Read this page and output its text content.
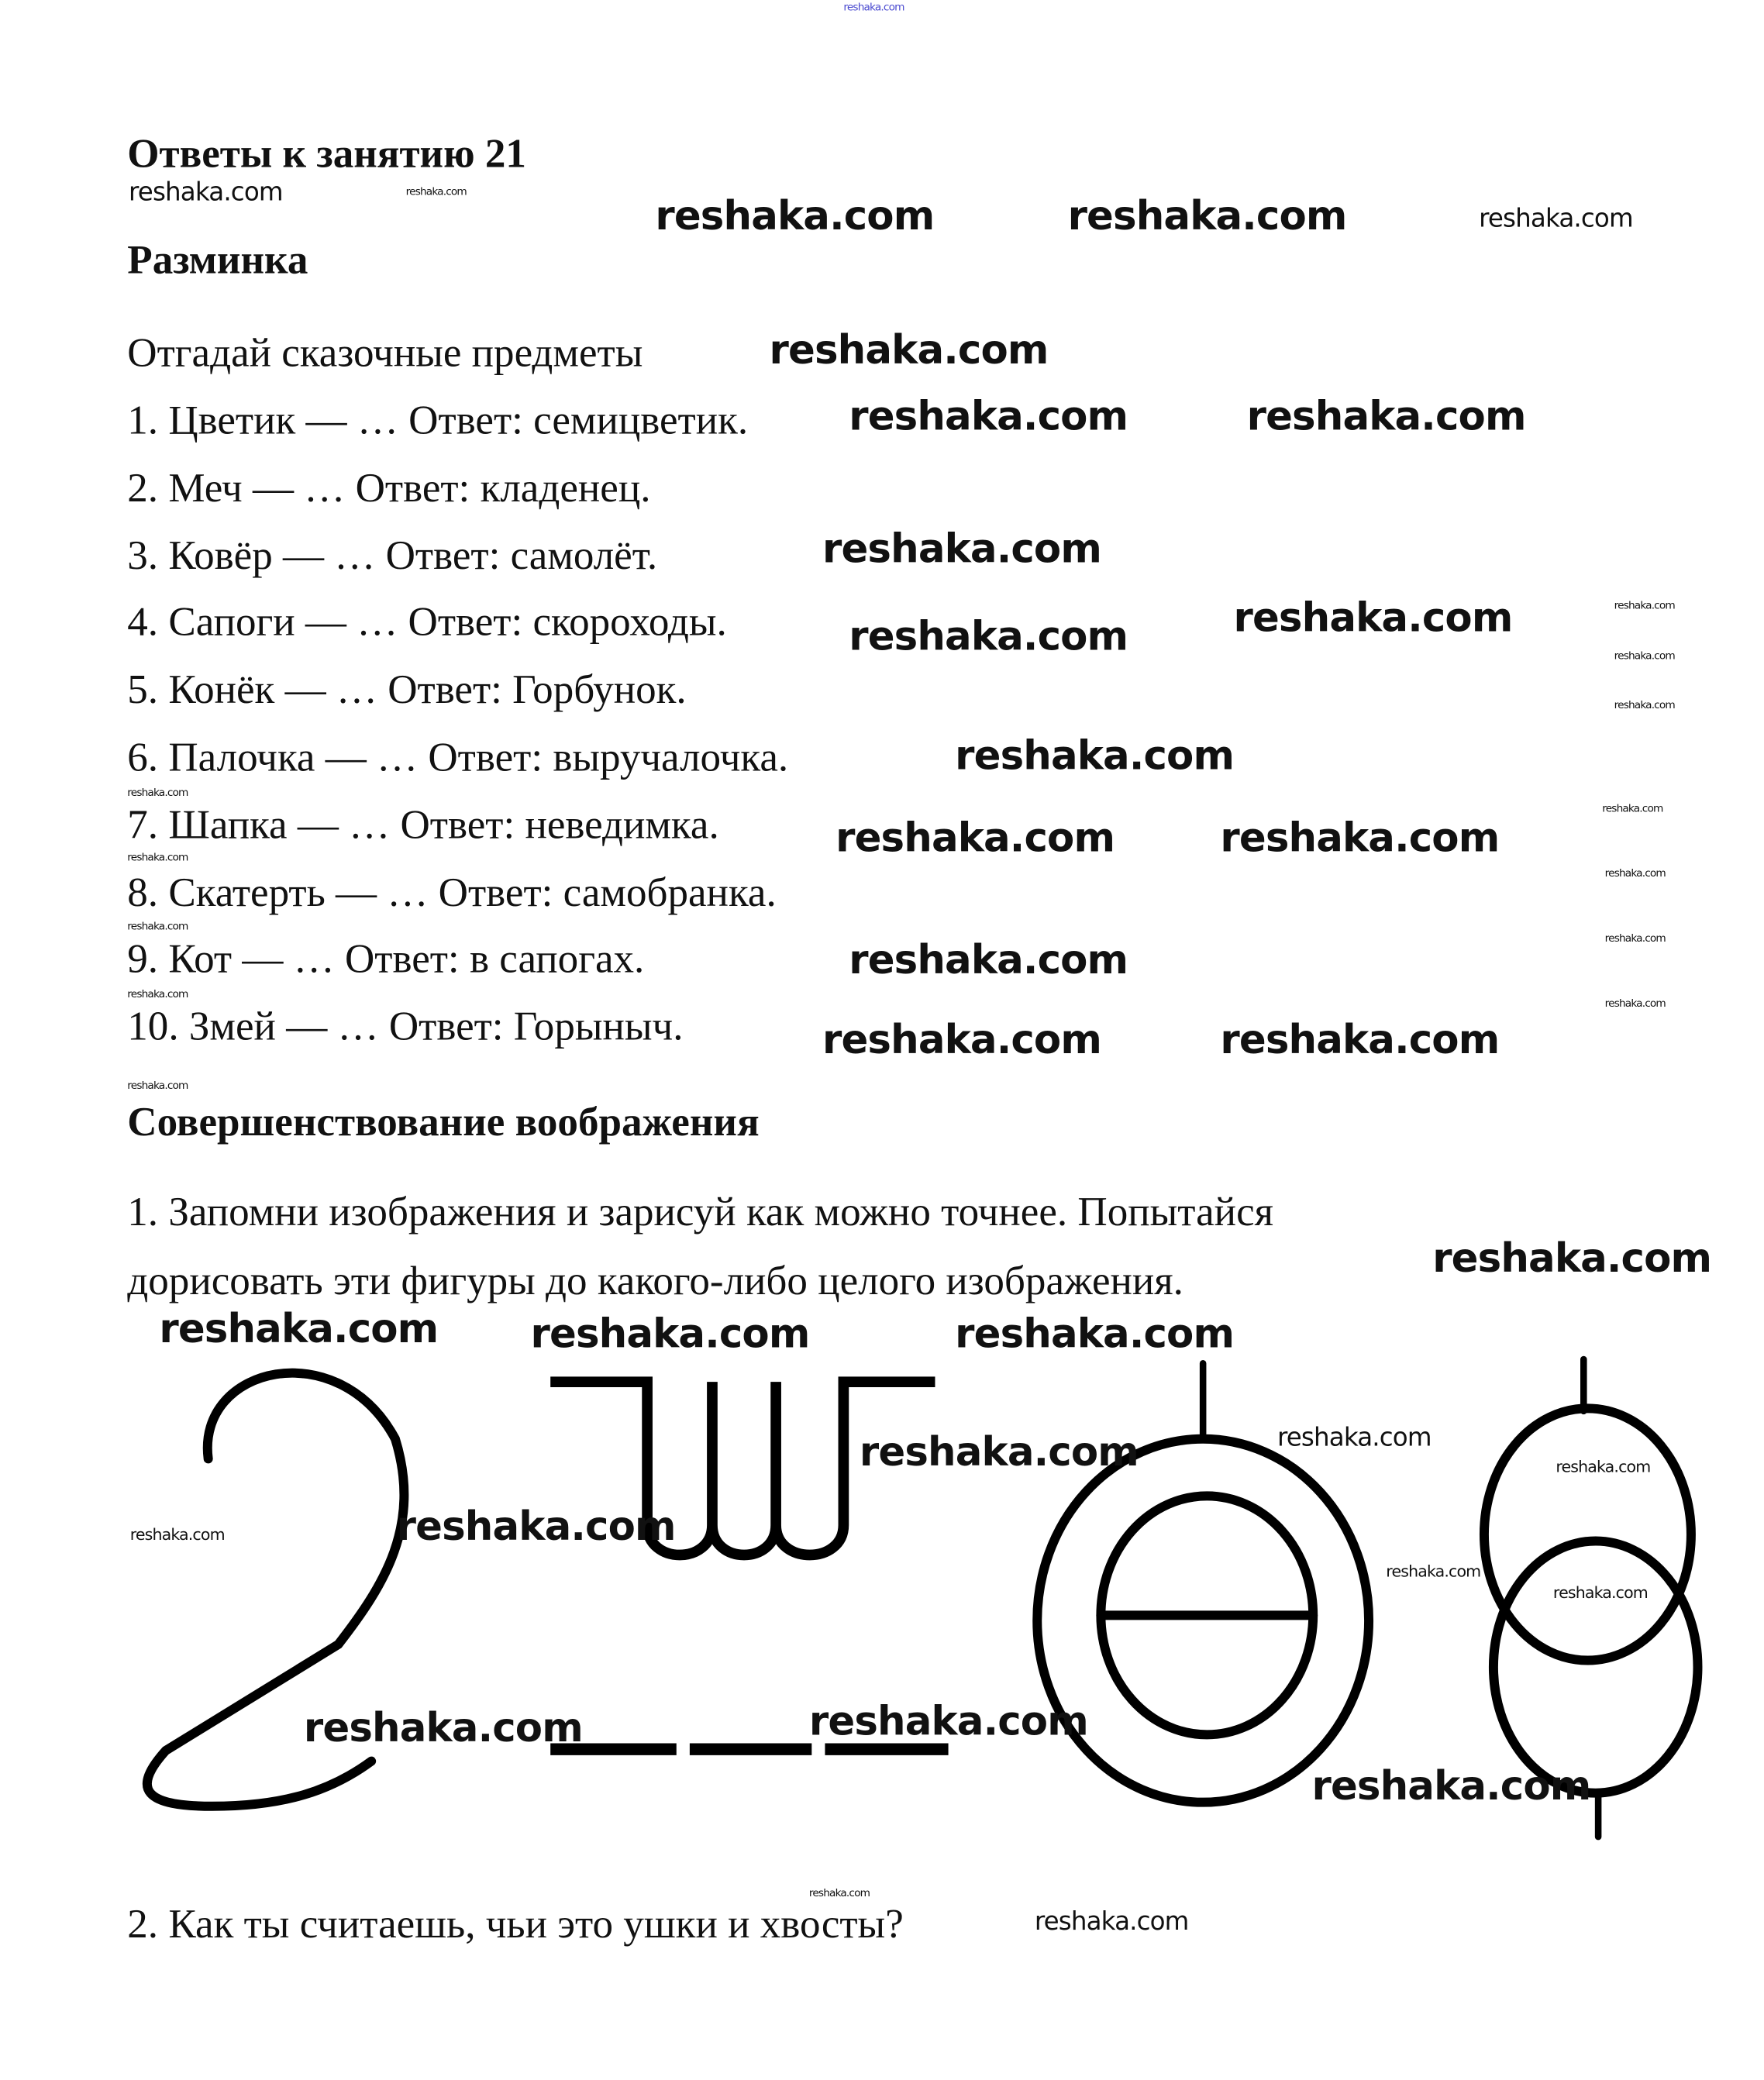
Ответы к занятию 21
Разминка
Отгадай сказочные предметы
1. Цветик — … Ответ: семицветик.
2. Меч — … Ответ: кладенец.
3. Ковёр — … Ответ: самолёт.
4. Сапоги — … Ответ: скороходы.
5. Конёк — … Ответ: Горбунок.
6. Палочка — … Ответ: выручалочка.
7. Шапка — … Ответ: неведимка.
8. Скатерть — … Ответ: самобранка.
9. Кот — … Ответ: в сапогах.
10. Змей — … Ответ: Горыныч.
Совершенствование воображения
1. Запомни изображения и зарисуй как можно точнее. Попытайся
дорисовать эти фигуры до какого-либо целого изображения.
2. Как ты считаешь, чьи это ушки и хвосты?
reshaka.com
reshaka.com	reshaka.com
reshaka.com	reshaka.com	reshaka.com
reshaka.com
reshaka.com	reshaka.com
reshaka.com
reshaka.com	reshaka.com	reshaka.com
reshaka.com
reshaka.com
reshaka.com
reshaka.com
reshaka.com
reshaka.com	reshaka.com
reshaka.com
reshaka.com
reshaka.com
reshaka.com
reshaka.com
reshaka.com
reshaka.com
reshaka.com	reshaka.com
reshaka.com
reshaka.com	reshaka.com
reshaka.com
reshaka.com
reshaka.com	reshaka.com
reshaka.com
reshaka.com	reshaka.com
reshaka.com
reshaka.com
reshaka.com	reshaka.com
reshaka.com
reshaka.com
reshaka.com
